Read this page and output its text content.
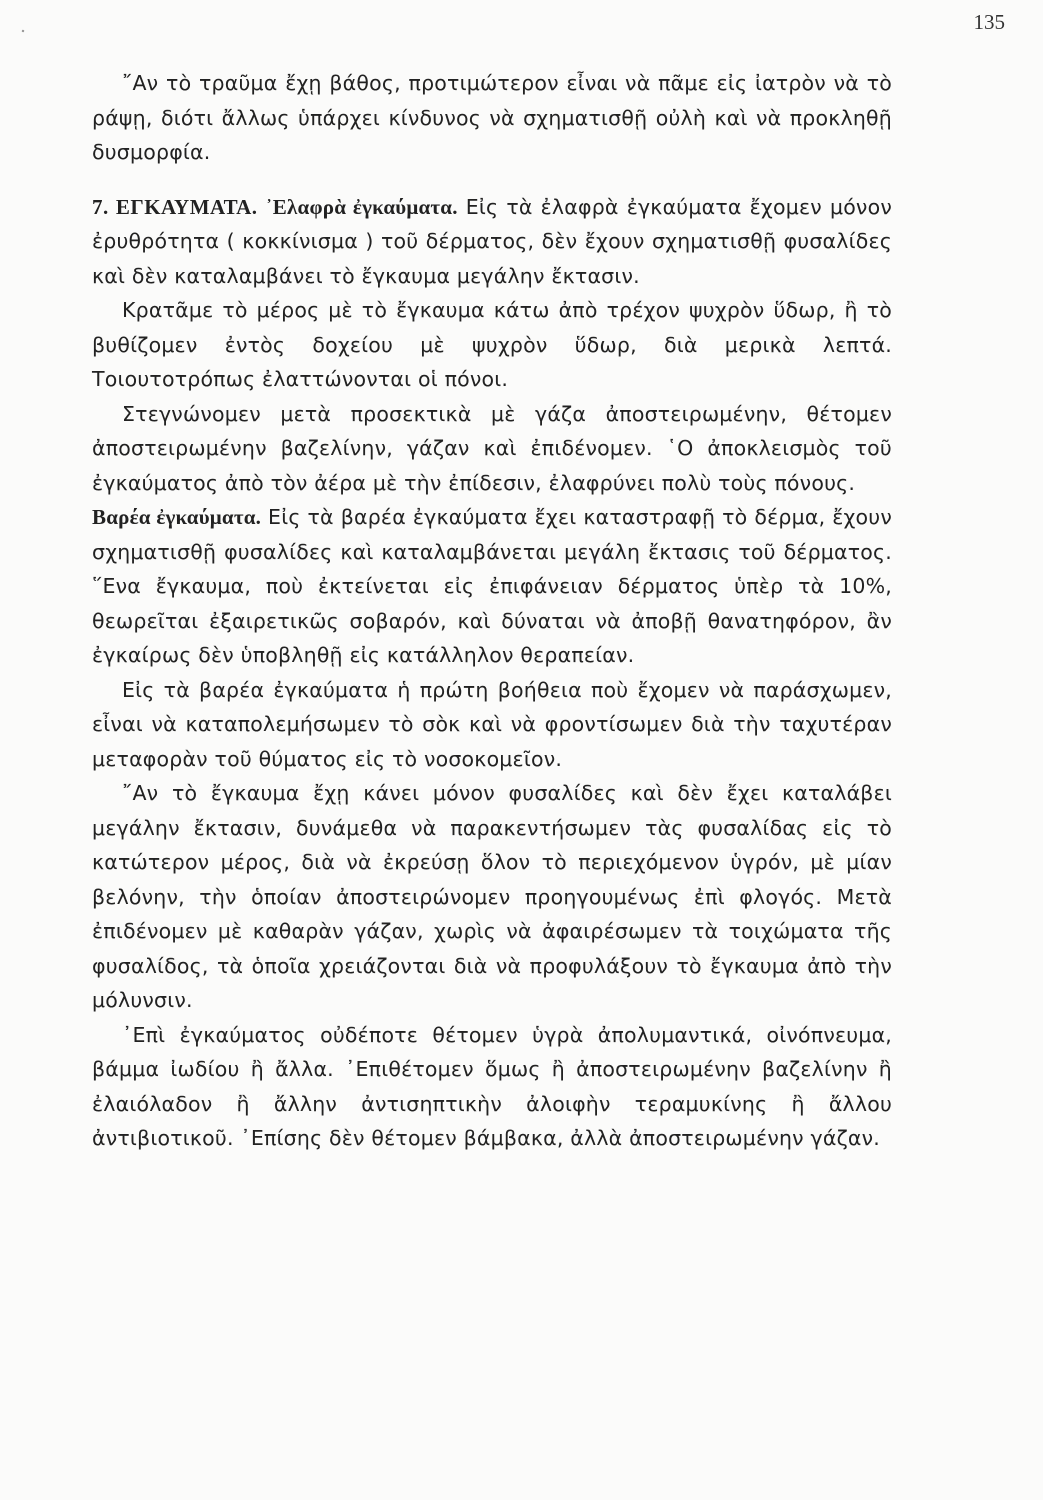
135

῎Αν τὸ τραῦμα ἔχῃ βάθος, προτιμώτερον εἶναι νὰ πᾶμε εἰς ἰατρὸν νὰ τὸ ράψῃ, διότι ἄλλως ὑπάρχει κίνδυνος νὰ σχηματισθῇ οὐλὴ καὶ νὰ προκληθῇ δυσμορφία.

7. ΕΓΚΑΥΜΑΤΑ. ᾿Ελαφρὰ ἐγκαύματα. Εἰς τὰ ἐλαφρὰ ἐγκαύματα ἔχομεν μόνον ἐρυθρότητα ( κοκκίνισμα ) τοῦ δέρματος, δὲν ἔχουν σχηματισθῇ φυσαλίδες καὶ δὲν καταλαμβάνει τὸ ἔγκαυμα μεγάλην ἔκτασιν.

Κρατᾶμε τὸ μέρος μὲ τὸ ἔγκαυμα κάτω ἀπὸ τρέχον ψυχρὸν ὕδωρ, ἢ τὸ βυθίζομεν ἐντὸς δοχείου μὲ ψυχρὸν ὕδωρ, διὰ μερικὰ λεπτά. Τοιουτοτρόπως ἐλαττώνονται οἱ πόνοι.

Στεγνώνομεν μετὰ προσεκτικὰ μὲ γάζα ἀποστειρωμένην, θέτομεν ἀποστειρωμένην βαζελίνην, γάζαν καὶ ἐπιδένομεν. ῾Ο ἀποκλεισμὸς τοῦ ἐγκαύματος ἀπὸ τὸν ἀέρα μὲ τὴν ἐπίδεσιν, ἐλαφρύνει πολὺ τοὺς πόνους.

Βαρέα ἐγκαύματα. Εἰς τὰ βαρέα ἐγκαύματα ἔχει καταστραφῇ τὸ δέρμα, ἔχουν σχηματισθῇ φυσαλίδες καὶ καταλαμβάνεται μεγάλη ἔκτασις τοῦ δέρματος. ῞Ενα ἔγκαυμα, ποὺ ἐκτείνεται εἰς ἐπιφάνειαν δέρματος ὑπὲρ τὰ 10%, θεωρεῖται ἐξαιρετικῶς σοβαρόν, καὶ δύναται νὰ ἀποβῇ θανατηφόρον, ἂν ἐγκαίρως δὲν ὑποβληθῇ εἰς κατάλληλον θεραπείαν.

Εἰς τὰ βαρέα ἐγκαύματα ἡ πρώτη βοήθεια ποὺ ἔχομεν νὰ παράσχωμεν, εἶναι νὰ καταπολεμήσωμεν τὸ σὸκ καὶ νὰ φροντίσωμεν διὰ τὴν ταχυτέραν μεταφορὰν τοῦ θύματος εἰς τὸ νοσοκομεῖον.

῎Αν τὸ ἔγκαυμα ἔχῃ κάνει μόνον φυσαλίδες καὶ δὲν ἔχει καταλάβει μεγάλην ἔκτασιν, δυνάμεθα νὰ παρακεντήσωμεν τὰς φυσαλίδας εἰς τὸ κατώτερον μέρος, διὰ νὰ ἐκρεύσῃ ὅλον τὸ περιεχόμενον ὑγρόν, μὲ μίαν βελόνην, τὴν ὁποίαν ἀποστειρώνομεν προηγουμένως ἐπὶ φλογός. Μετὰ ἐπιδένομεν μὲ καθαρὰν γάζαν, χωρὶς νὰ ἀφαιρέσωμεν τὰ τοιχώματα τῆς φυσαλίδος, τὰ ὁποῖα χρειάζονται διὰ νὰ προφυλάξουν τὸ ἔγκαυμα ἀπὸ τὴν μόλυνσιν.

᾿Επὶ ἐγκαύματος οὐδέποτε θέτομεν ὑγρὰ ἀπολυμαντικά, οἰνόπνευμα, βάμμα ἰωδίου ἢ ἄλλα. ᾿Επιθέτομεν ὅμως ἢ ἀποστειρωμένην βαζελίνην ἢ ἐλαιόλαδον ἢ ἄλλην ἀντισηπτικὴν ἀλοιφὴν τεραμυκίνης ἢ ἄλλου ἀντιβιοτικοῦ. ᾿Επίσης δὲν θέτομεν βάμβακα, ἀλλὰ ἀποστειρωμένην γάζαν.
